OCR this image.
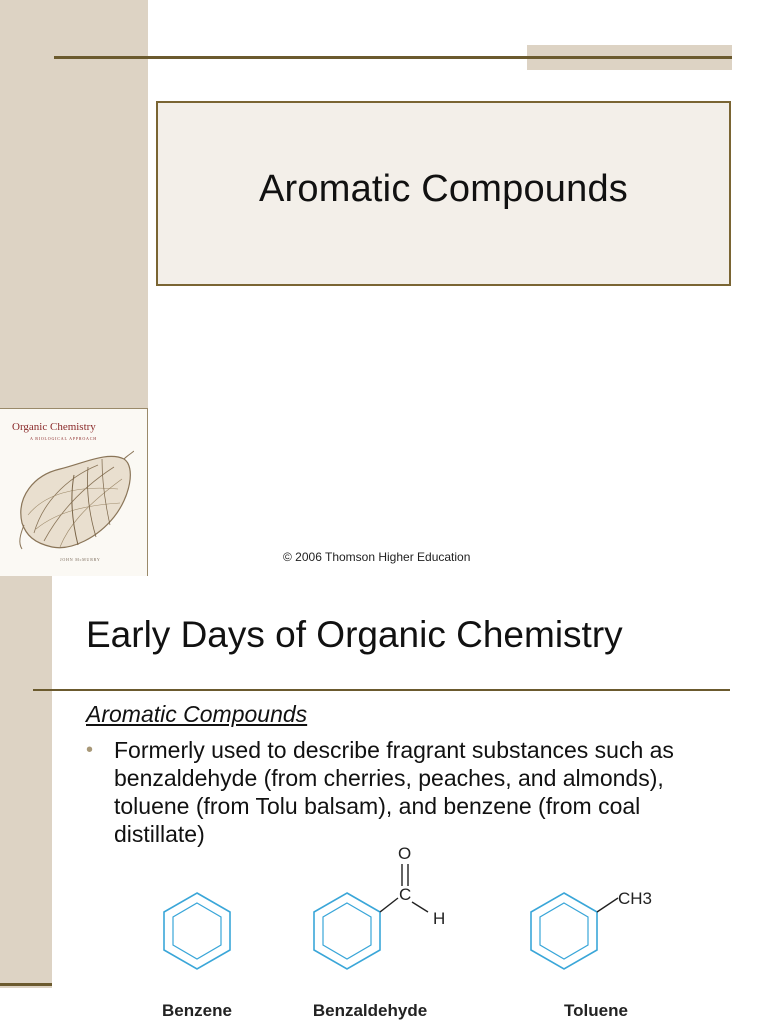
Aromatic Compounds
Organic Chemistry
A BIOLOGICAL APPROACH
JOHN McMURRY	© 2006 Thomson Higher Education
Early Days of Organic Chemistry
Aromatic Compounds
• Formerly used to describe fragrant substances such as benzaldehyde (from cherries, peaches, and almonds), toluene (from Tolu balsam), and benzene (from coal distillate)
O
C
H
CH3
Benzene	Benzaldehyde	Toluene
